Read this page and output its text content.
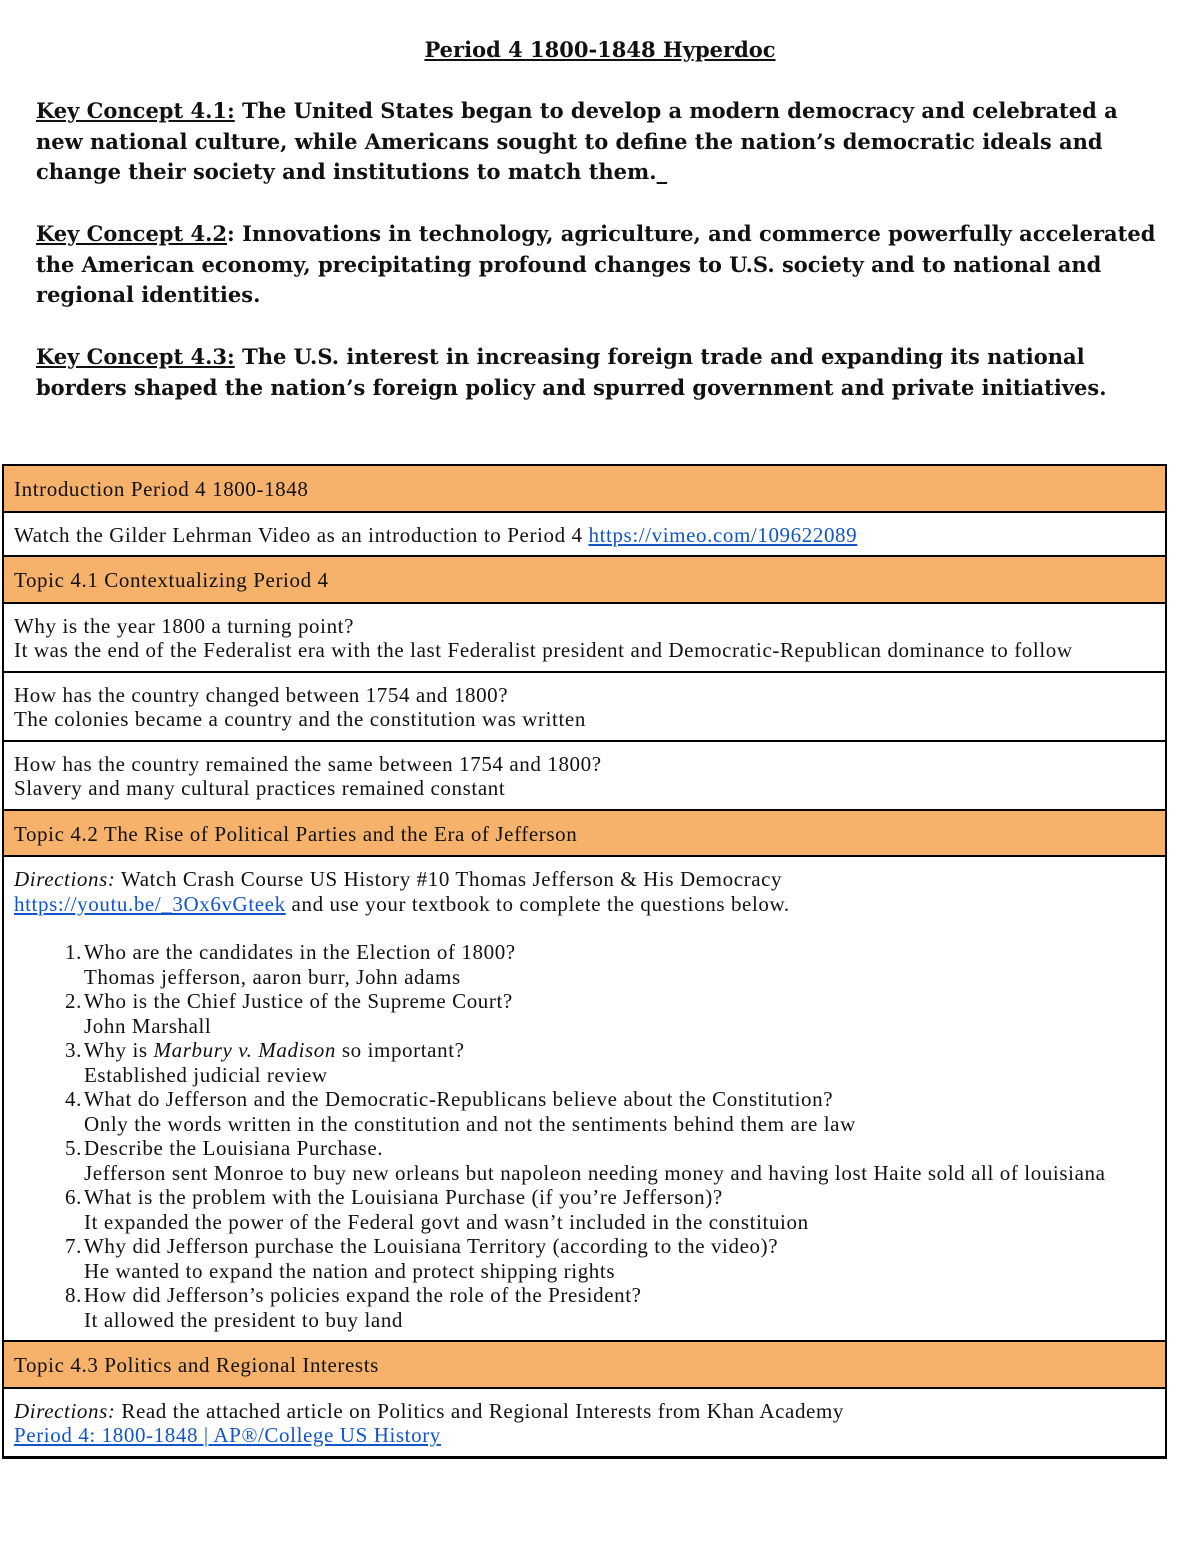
Period 4 1800-1848 Hyperdoc
Key Concept 4.1: The United States began to develop a modern democracy and celebrated a new national culture, while Americans sought to define the nation’s democratic ideals and change their society and institutions to match them._
Key Concept 4.2: Innovations in technology, agriculture, and commerce powerfully accelerated the American economy, precipitating profound changes to U.S. society and to national and regional identities.
Key Concept 4.3: The U.S. interest in increasing foreign trade and expanding its national borders shaped the nation’s foreign policy and spurred government and private initiatives.
Introduction Period 4 1800-1848

Watch the Gilder Lehrman Video as an introduction to Period 4 https://vimeo.com/109622089

Topic 4.1 Contextualizing Period 4

Why is the year 1800 a turning point?

It was the end of the Federalist era with the last Federalist president and Democratic-Republican dominance to follow

How has the country changed between 1754 and 1800?

The colonies became a country and the constitution was written

How has the country remained the same between 1754 and 1800?

Slavery and many cultural practices remained constant

Topic 4.2 The Rise of Political Parties and the Era of Jefferson

Directions: Watch Crash Course US History #10 Thomas Jefferson & His Democracy

https://youtu.be/_3Ox6vGteek and use your textbook to complete the questions below.

1. Who are the candidates in the Election of 1800?
Thomas jefferson, aaron burr, John adams
2. Who is the Chief Justice of the Supreme Court?
John Marshall
3. Why is Marbury v. Madison so important?
Established judicial review
4. What do Jefferson and the Democratic-Republicans believe about the Constitution?
Only the words written in the constitution and not the sentiments behind them are law
5. Describe the Louisiana Purchase.
Jefferson sent Monroe to buy new orleans but napoleon needing money and having lost Haite sold all of louisiana
6. What is the problem with the Louisiana Purchase (if you’re Jefferson)?
It expanded the power of the Federal govt and wasn’t included in the constituion
7. Why did Jefferson purchase the Louisiana Territory (according to the video)?
He wanted to expand the nation and protect shipping rights
8. How did Jefferson’s policies expand the role of the President?
It allowed the president to buy land
Topic 4.3 Politics and Regional Interests

Directions: Read the attached article on Politics and Regional Interests from Khan Academy

Period 4: 1800-1848 | AP®︎/College US History
